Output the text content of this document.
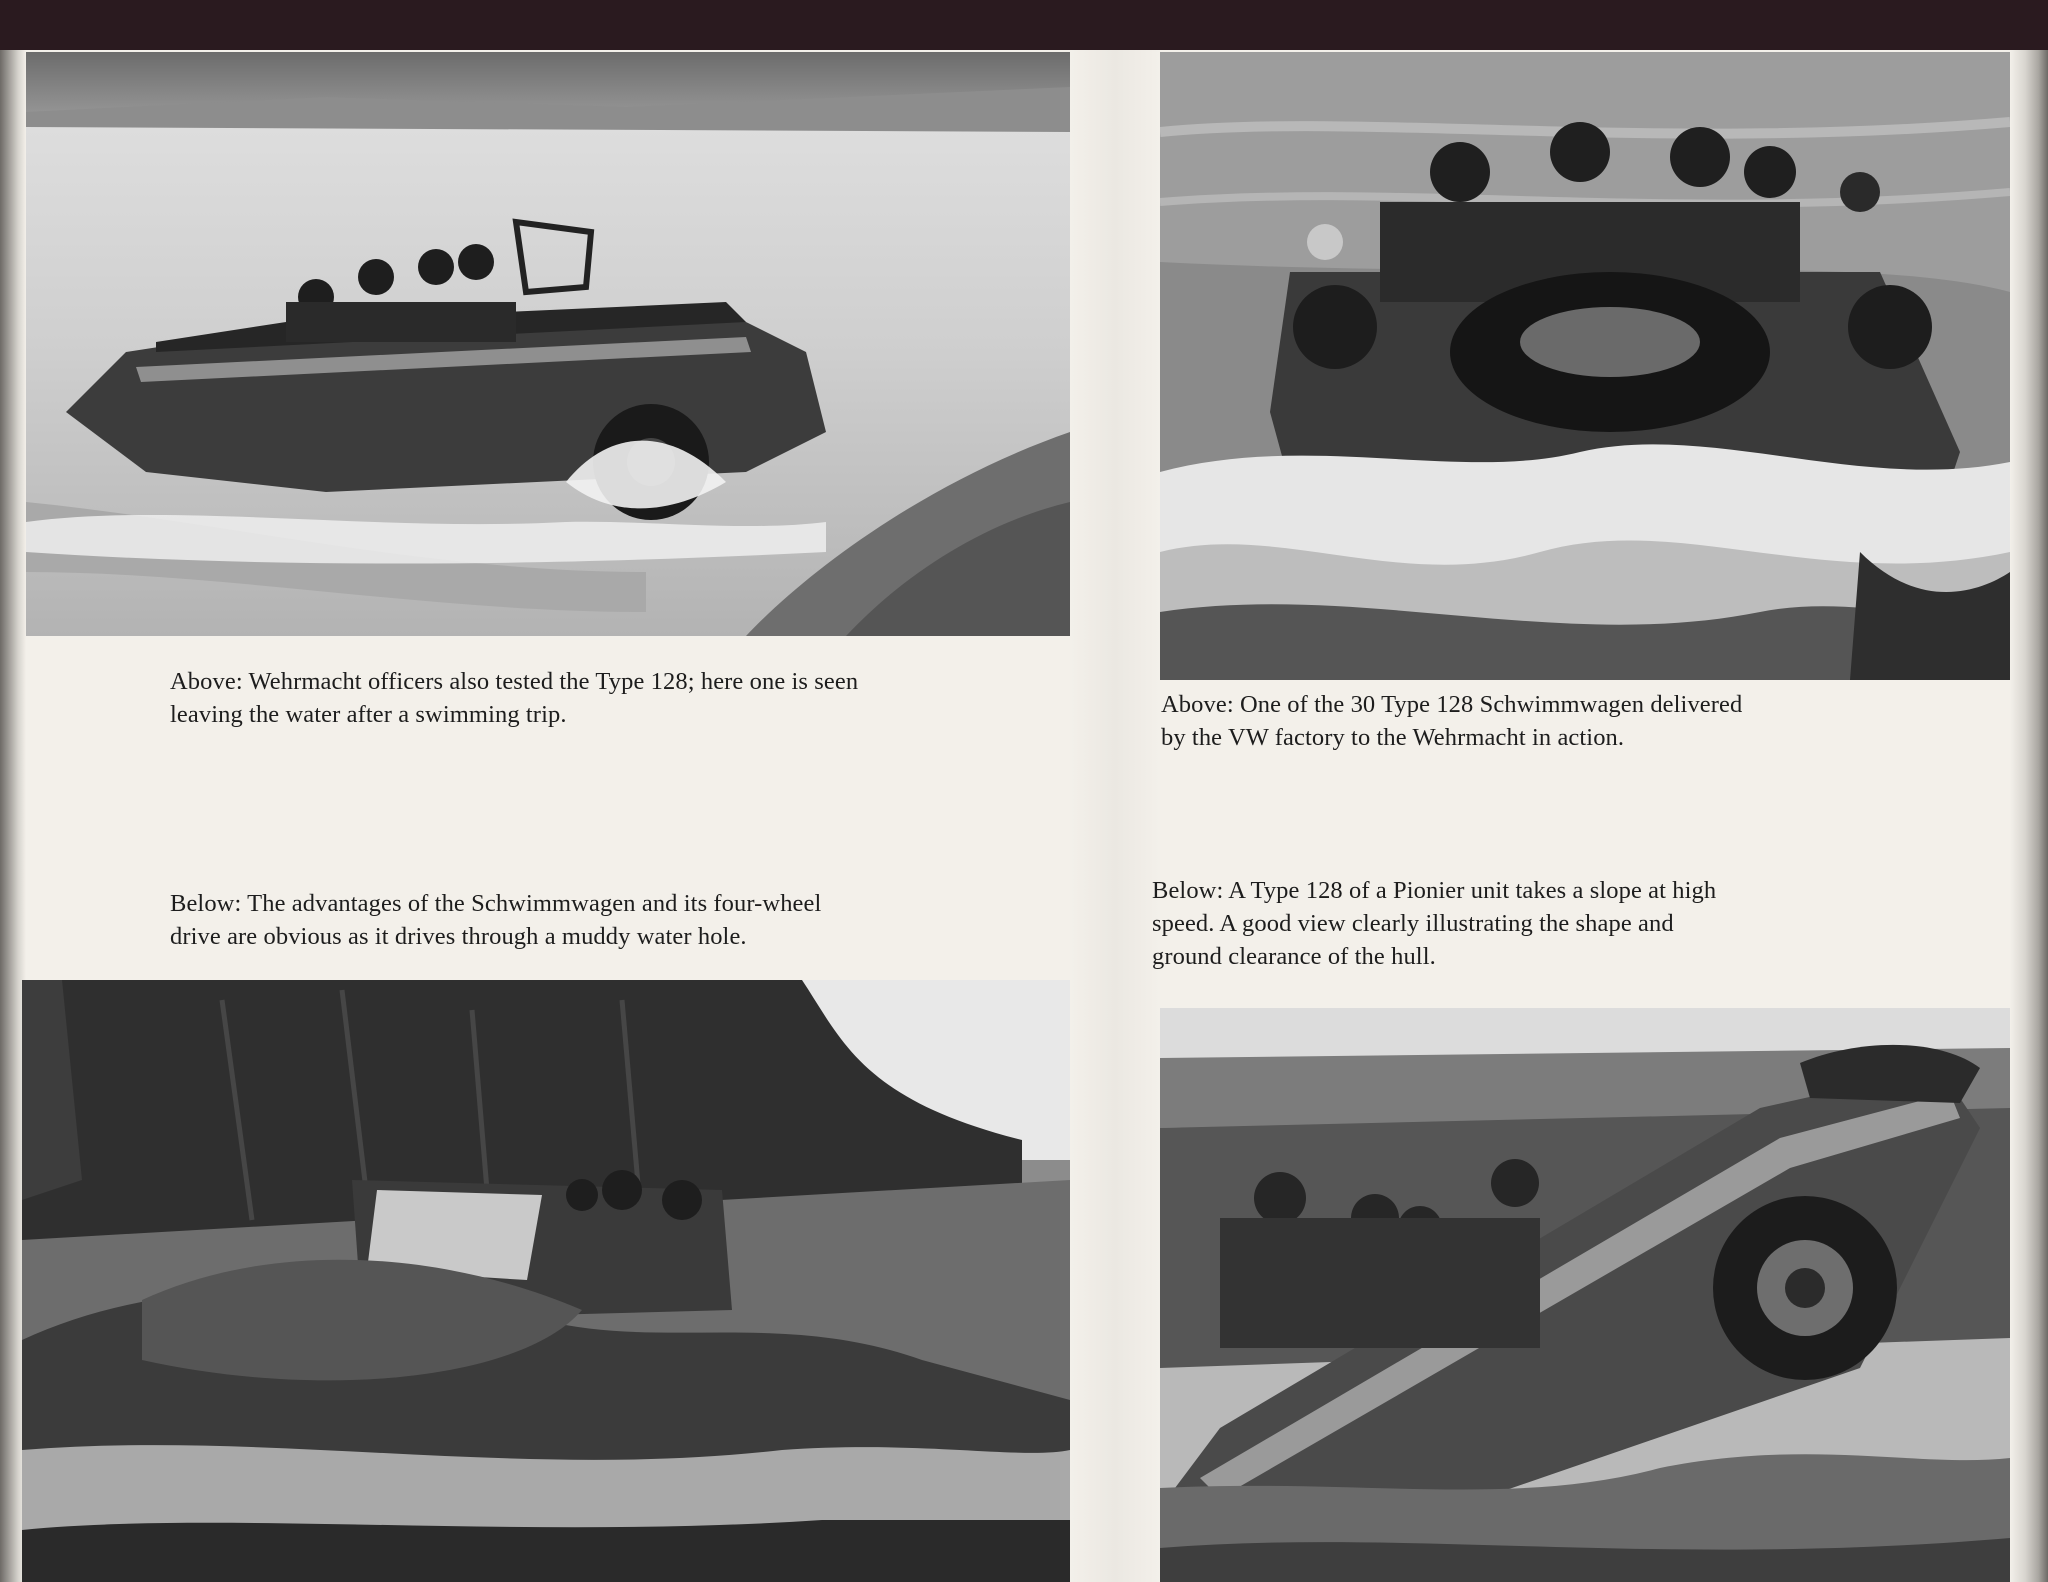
Above: Wehrmacht officers also tested the Type 128; here one is seen
leaving the water after a swimming trip.	Above: One of the 30 Type 128 Schwimmwagen delivered
by the VW factory to the Wehrmacht in action.

Below: The advantages of the Schwimmwagen and its four-wheel
drive are obvious as it drives through a muddy water hole.

Below: A Type 128 of a Pionier unit takes a slope at high
speed. A good view clearly illustrating the shape and
ground clearance of the hull.
